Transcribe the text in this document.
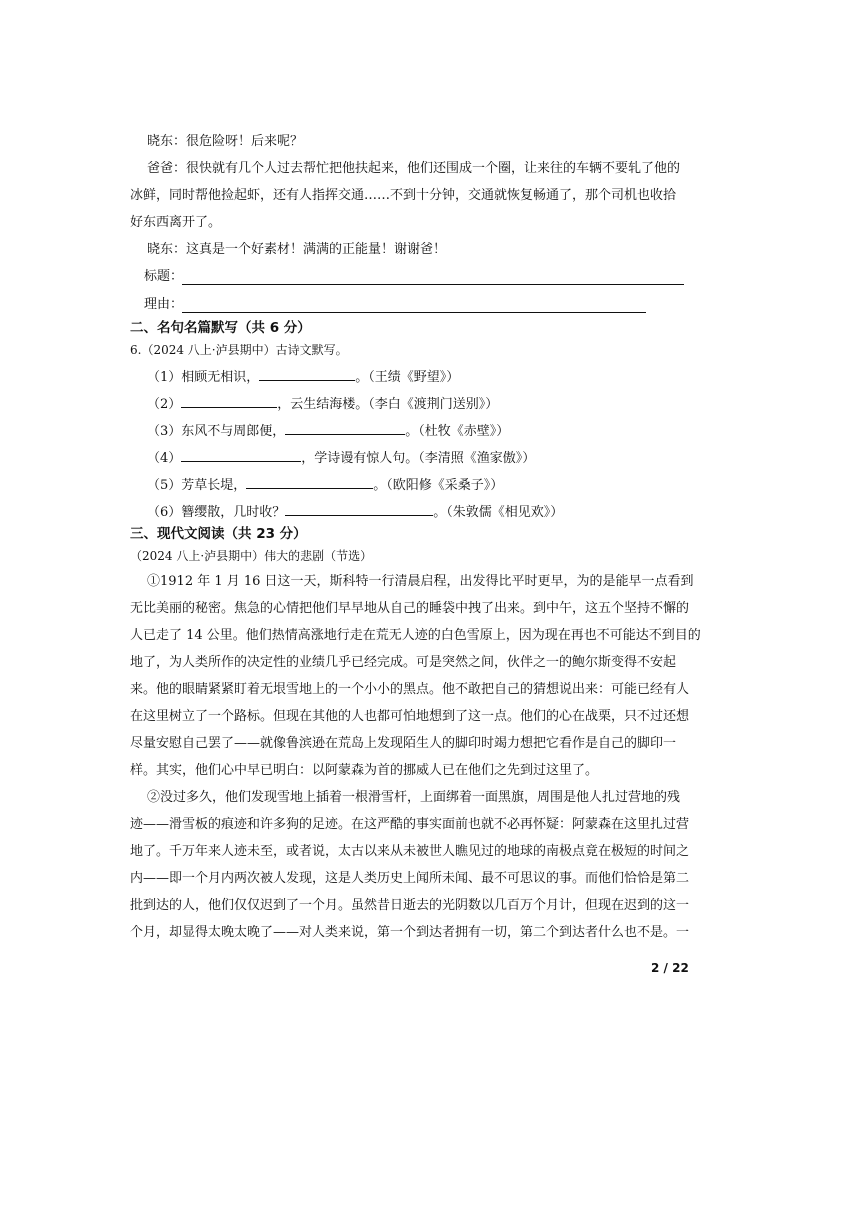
晓东：很危险呀！后来呢？
爸爸：很快就有几个人过去帮忙把他扶起来，他们还围成一个圈，让来往的车辆不要轧了他的
冰鲜，同时帮他捡起虾，还有人指挥交通……不到十分钟，交通就恢复畅通了，那个司机也收拾
好东西离开了。
晓东：这真是一个好素材！满满的正能量！谢谢爸！
标题：
理由：
二、名句名篇默写（共 6 分）
6.（2024 八上·泸县期中）古诗文默写。
（1）相顾无相识，	。（王绩《野望》）
（2）	，云生结海楼。（李白《渡荆门送别》）
（3）东风不与周郎便，	。（杜牧《赤壁》）
（4）	，学诗谩有惊人句。（李清照《渔家傲》）
（5）芳草长堤，	。（欧阳修《采桑子》）
（6）簪缨散，几时收？	。（朱敦儒《相见欢》）
三、现代文阅读（共 23 分）
（2024 八上·泸县期中）伟大的悲剧（节选）
①1912 年 1 月 16 日这一天，斯科特一行清晨启程，出发得比平时更早，为的是能早一点看到
无比美丽的秘密。焦急的心情把他们早早地从自己的睡袋中拽了出来。到中午，这五个坚持不懈的
人已走了 14 公里。他们热情高涨地行走在荒无人迹的白色雪原上，因为现在再也不可能达不到目的
地了，为人类所作的决定性的业绩几乎已经完成。可是突然之间，伙伴之一的鲍尔斯变得不安起
来。他的眼睛紧紧盯着无垠雪地上的一个小小的黑点。他不敢把自己的猜想说出来：可能已经有人
在这里树立了一个路标。但现在其他的人也都可怕地想到了这一点。他们的心在战栗，只不过还想
尽量安慰自己罢了——就像鲁滨逊在荒岛上发现陌生人的脚印时竭力想把它看作是自己的脚印一
样。其实，他们心中早已明白：以阿蒙森为首的挪威人已在他们之先到过这里了。
②没过多久，他们发现雪地上插着一根滑雪杆，上面绑着一面黑旗，周围是他人扎过营地的残
迹——滑雪板的痕迹和许多狗的足迹。在这严酷的事实面前也就不必再怀疑：阿蒙森在这里扎过营
地了。千万年来人迹未至，或者说，太古以来从未被世人瞧见过的地球的南极点竟在极短的时间之
内——即一个月内两次被人发现，这是人类历史上闻所未闻、最不可思议的事。而他们恰恰是第二
批到达的人，他们仅仅迟到了一个月。虽然昔日逝去的光阴数以几百万个月计，但现在迟到的这一
个月，却显得太晚太晚了——对人类来说，第一个到达者拥有一切，第二个到达者什么也不是。一
2 / 22
